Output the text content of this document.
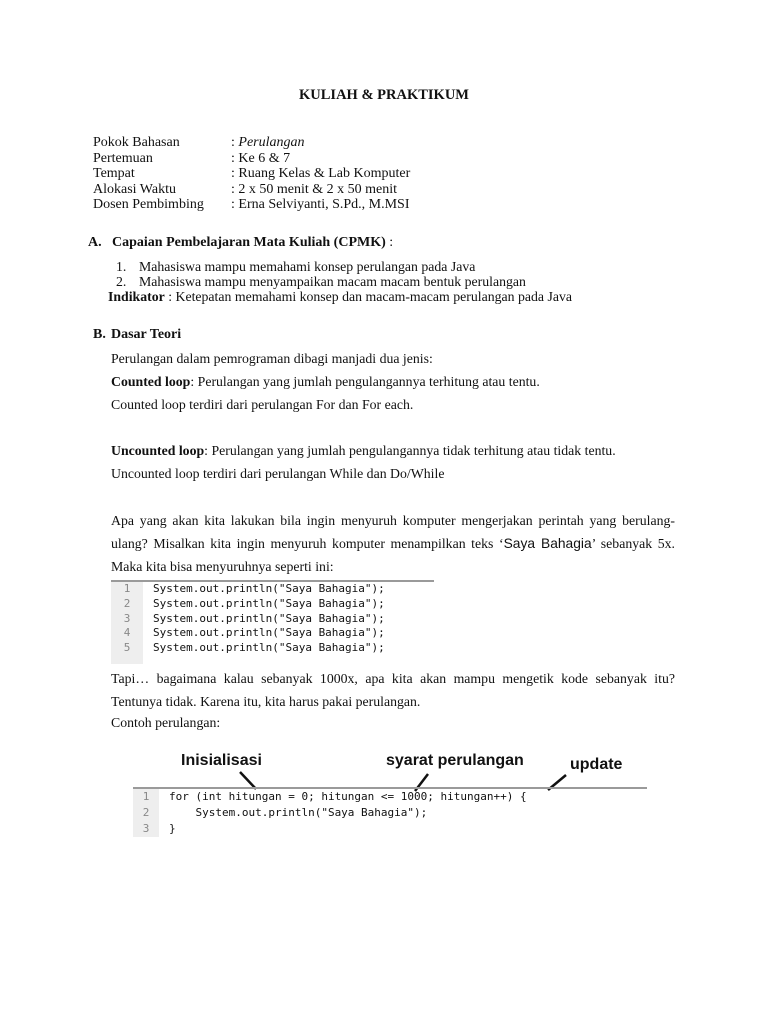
KULIAH & PRAKTIKUM
Pokok Bahasan	: Perulangan
Pertemuan	: Ke 6 & 7
Tempat	: Ruang Kelas & Lab Komputer
Alokasi Waktu	: 2 x 50 menit & 2 x 50 menit
Dosen Pembimbing	: Erna Selviyanti, S.Pd., M.MSI
A. Capaian Pembelajaran Mata Kuliah (CPMK) :
1. Mahasiswa mampu memahami konsep perulangan pada Java
2. Mahasiswa mampu menyampaikan macam macam bentuk perulangan
Indikator : Ketepatan memahami konsep dan macam-macam perulangan pada Java
B. Dasar Teori
Perulangan dalam pemrograman dibagi manjadi dua jenis:
Counted loop: Perulangan yang jumlah pengulangannya terhitung atau tentu.
Counted loop terdiri dari perulangan For dan For each.
Uncounted loop: Perulangan yang jumlah pengulangannya tidak terhitung atau tidak tentu.
Uncounted loop terdiri dari perulangan While dan Do/While
Apa yang akan kita lakukan bila ingin menyuruh komputer mengerjakan perintah yang berulang-
ulang? Misalkan kita ingin menyuruh komputer menampilkan teks ‘Saya Bahagia’ sebanyak 5x.
Maka kita bisa menyuruhnya seperti ini:
1	System.out.println("Saya Bahagia");
2	System.out.println("Saya Bahagia");
3	System.out.println("Saya Bahagia");
4	System.out.println("Saya Bahagia");
5	System.out.println("Saya Bahagia");
Tapi… bagaimana kalau sebanyak 1000x, apa kita akan mampu mengetik kode sebanyak itu?
Tentunya tidak. Karena itu, kita harus pakai perulangan.
Contoh perulangan:
Inisialisasi	syarat perulangan	update
1	for (int hitungan = 0; hitungan <= 1000; hitungan++) {
2	System.out.println("Saya Bahagia");
3	}
